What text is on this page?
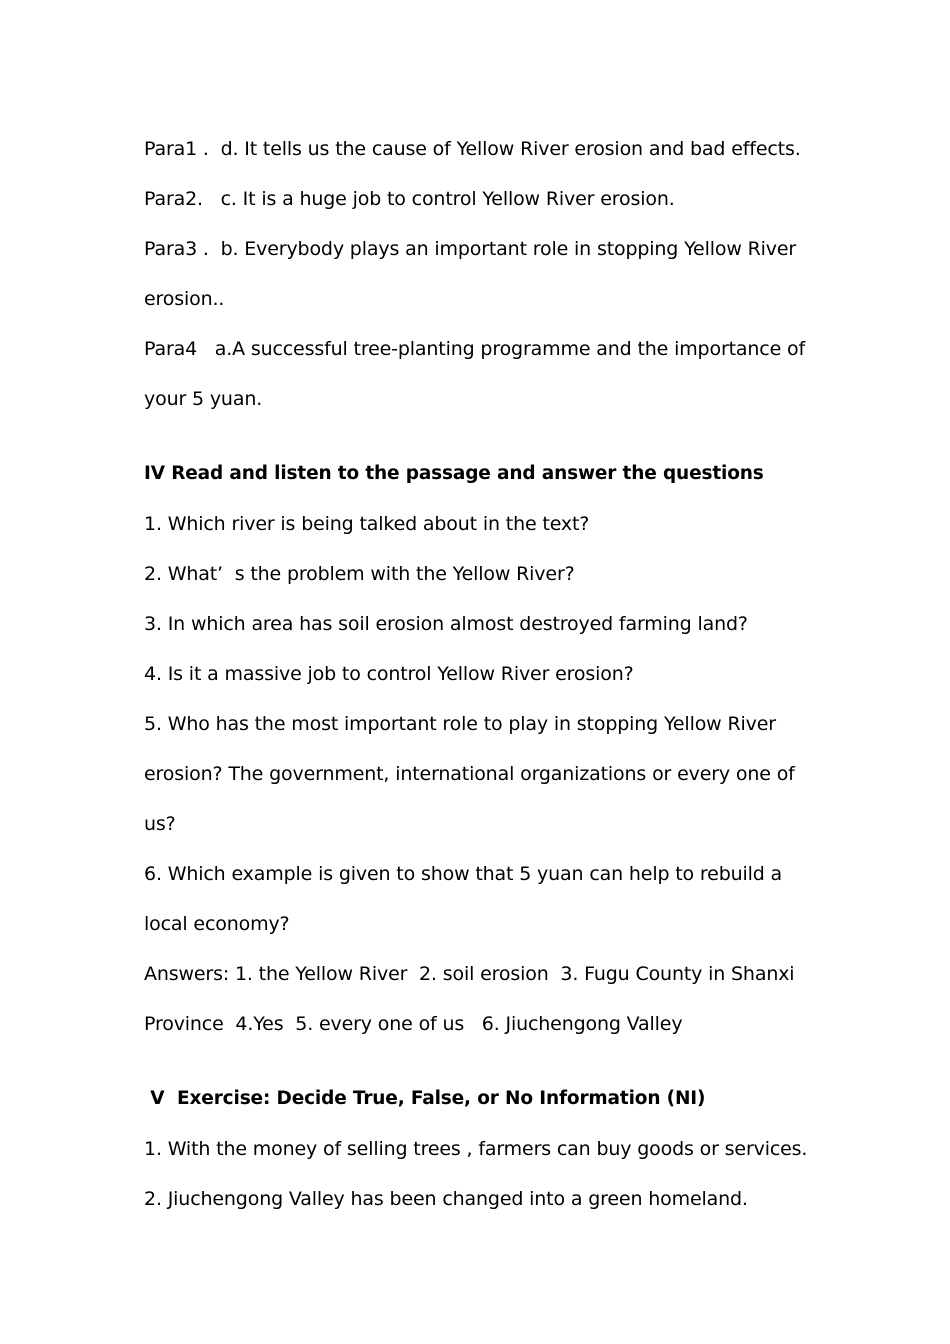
Para1 .  d. It tells us the cause of Yellow River erosion and bad effects.
Para2.   c. It is a huge job to control Yellow River erosion.
Para3 .  b. Everybody plays an important role in stopping Yellow River
erosion..
Para4   a.A successful tree-planting programme and the importance of
your 5 yuan.
IV Read and listen to the passage and answer the questions
1. Which river is being talked about in the text?
2. What’  s the problem with the Yellow River?
3. In which area has soil erosion almost destroyed farming land?
4. Is it a massive job to control Yellow River erosion?
5. Who has the most important role to play in stopping Yellow River
erosion? The government, international organizations or every one of
us?
6. Which example is given to show that 5 yuan can help to rebuild a
local economy?
Answers: 1. the Yellow River  2. soil erosion  3. Fugu County in Shanxi
Province  4.Yes  5. every one of us   6. Jiuchengong Valley
V  Exercise: Decide True, False, or No Information (NI)
1. With the money of selling trees , farmers can buy goods or services.
2. Jiuchengong Valley has been changed into a green homeland.
